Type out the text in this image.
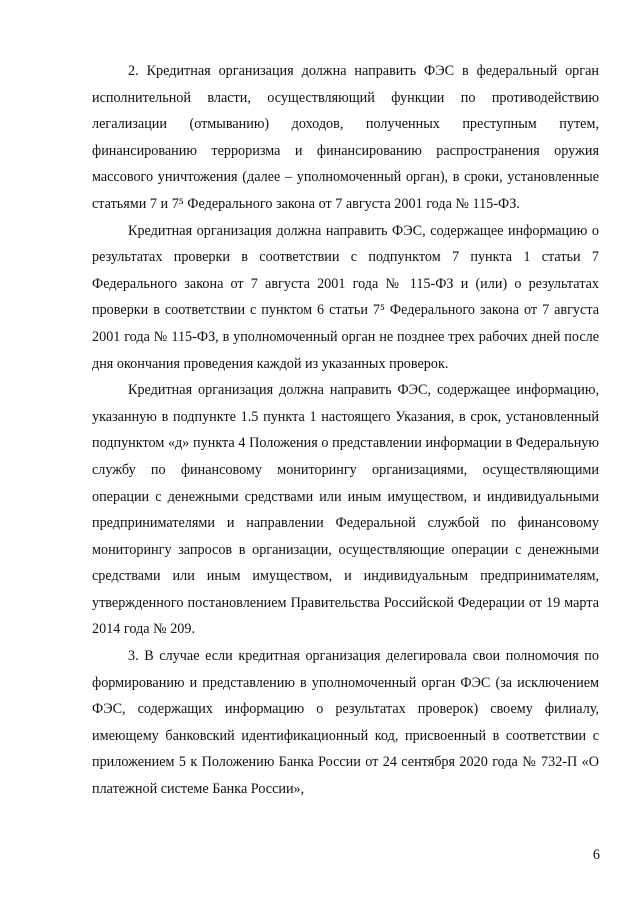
2. Кредитная организация должна направить ФЭС в федеральный орган исполнительной власти, осуществляющий функции по противодействию легализации (отмыванию) доходов, полученных преступным путем, финансированию терроризма и финансированию распространения оружия массового уничтожения (далее – уполномоченный орган), в сроки, установленные статьями 7 и 7⁵ Федерального закона от 7 августа 2001 года № 115-ФЗ.

Кредитная организация должна направить ФЭС, содержащее информацию о результатах проверки в соответствии с подпунктом 7 пункта 1 статьи 7 Федерального закона от 7 августа 2001 года № 115-ФЗ и (или) о результатах проверки в соответствии с пунктом 6 статьи 7⁵ Федерального закона от 7 августа 2001 года № 115-ФЗ, в уполномоченный орган не позднее трех рабочих дней после дня окончания проведения каждой из указанных проверок.

Кредитная организация должна направить ФЭС, содержащее информацию, указанную в подпункте 1.5 пункта 1 настоящего Указания, в срок, установленный подпунктом «д» пункта 4 Положения о представлении информации в Федеральную службу по финансовому мониторингу организациями, осуществляющими операции с денежными средствами или иным имуществом, и индивидуальными предпринимателями и направлении Федеральной службой по финансовому мониторингу запросов в организации, осуществляющие операции с денежными средствами или иным имуществом, и индивидуальным предпринимателям, утвержденного постановлением Правительства Российской Федерации от 19 марта 2014 года № 209.

3. В случае если кредитная организация делегировала свои полномочия по формированию и представлению в уполномоченный орган ФЭС (за исключением ФЭС, содержащих информацию о результатах проверок) своему филиалу, имеющему банковский идентификационный код, присвоенный в соответствии с приложением 5 к Положению Банка России от 24 сентября 2020 года № 732-П «О платежной системе Банка России»,

6
